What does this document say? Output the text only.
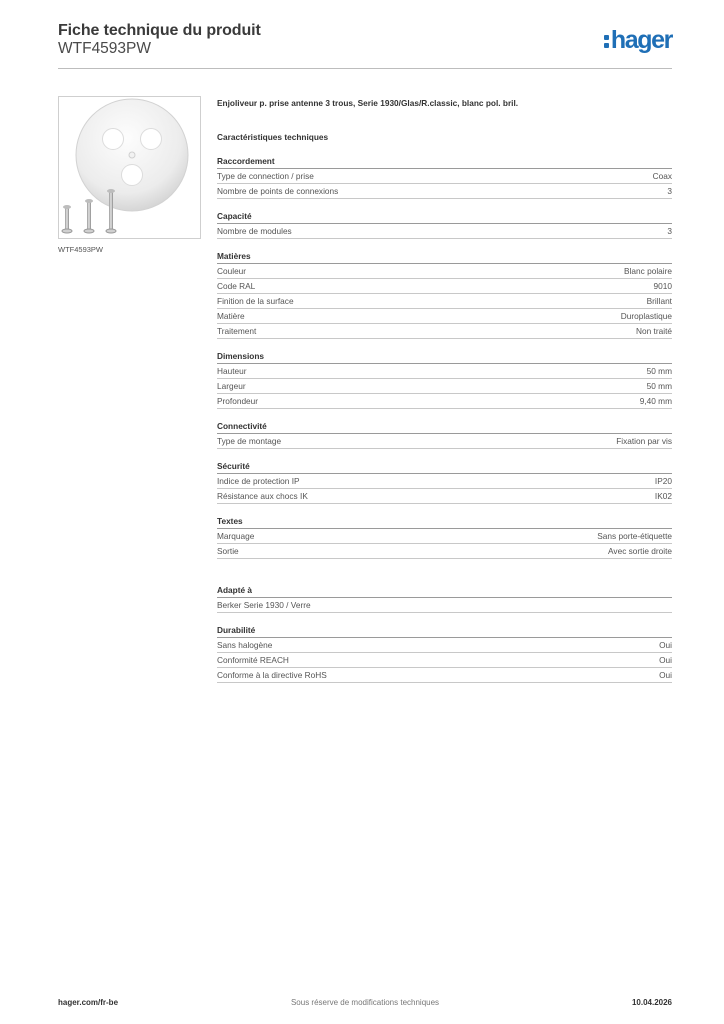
Fiche technique du produit
WTF4593PW	hager
WTF4593PW
Enjoliveur p. prise antenne 3 trous, Serie 1930/Glas/R.classic, blanc pol. bril.
Caractéristiques techniques
Raccordement
Type de connection / prise	Coax
Nombre de points de connexions	3
Capacité
Nombre de modules	3
Matières
Couleur	Blanc polaire
Code RAL	9010
Finition de la surface	Brillant
Matière	Duroplastique
Traitement	Non traité
Dimensions
Hauteur	50 mm
Largeur	50 mm
Profondeur	9,40 mm
Connectivité
Type de montage	Fixation par vis
Sécurité
Indice de protection IP	IP20
Résistance aux chocs IK	IK02
Textes
Marquage	Sans porte-étiquette
Sortie	Avec sortie droite
Adapté à
Berker Serie 1930 / Verre
Durabilité
Sans halogène	Oui
Conformité REACH	Oui
Conforme à la directive RoHS	Oui
Sous réserve de modifications techniques
hager.com/fr-be	10.04.2026
